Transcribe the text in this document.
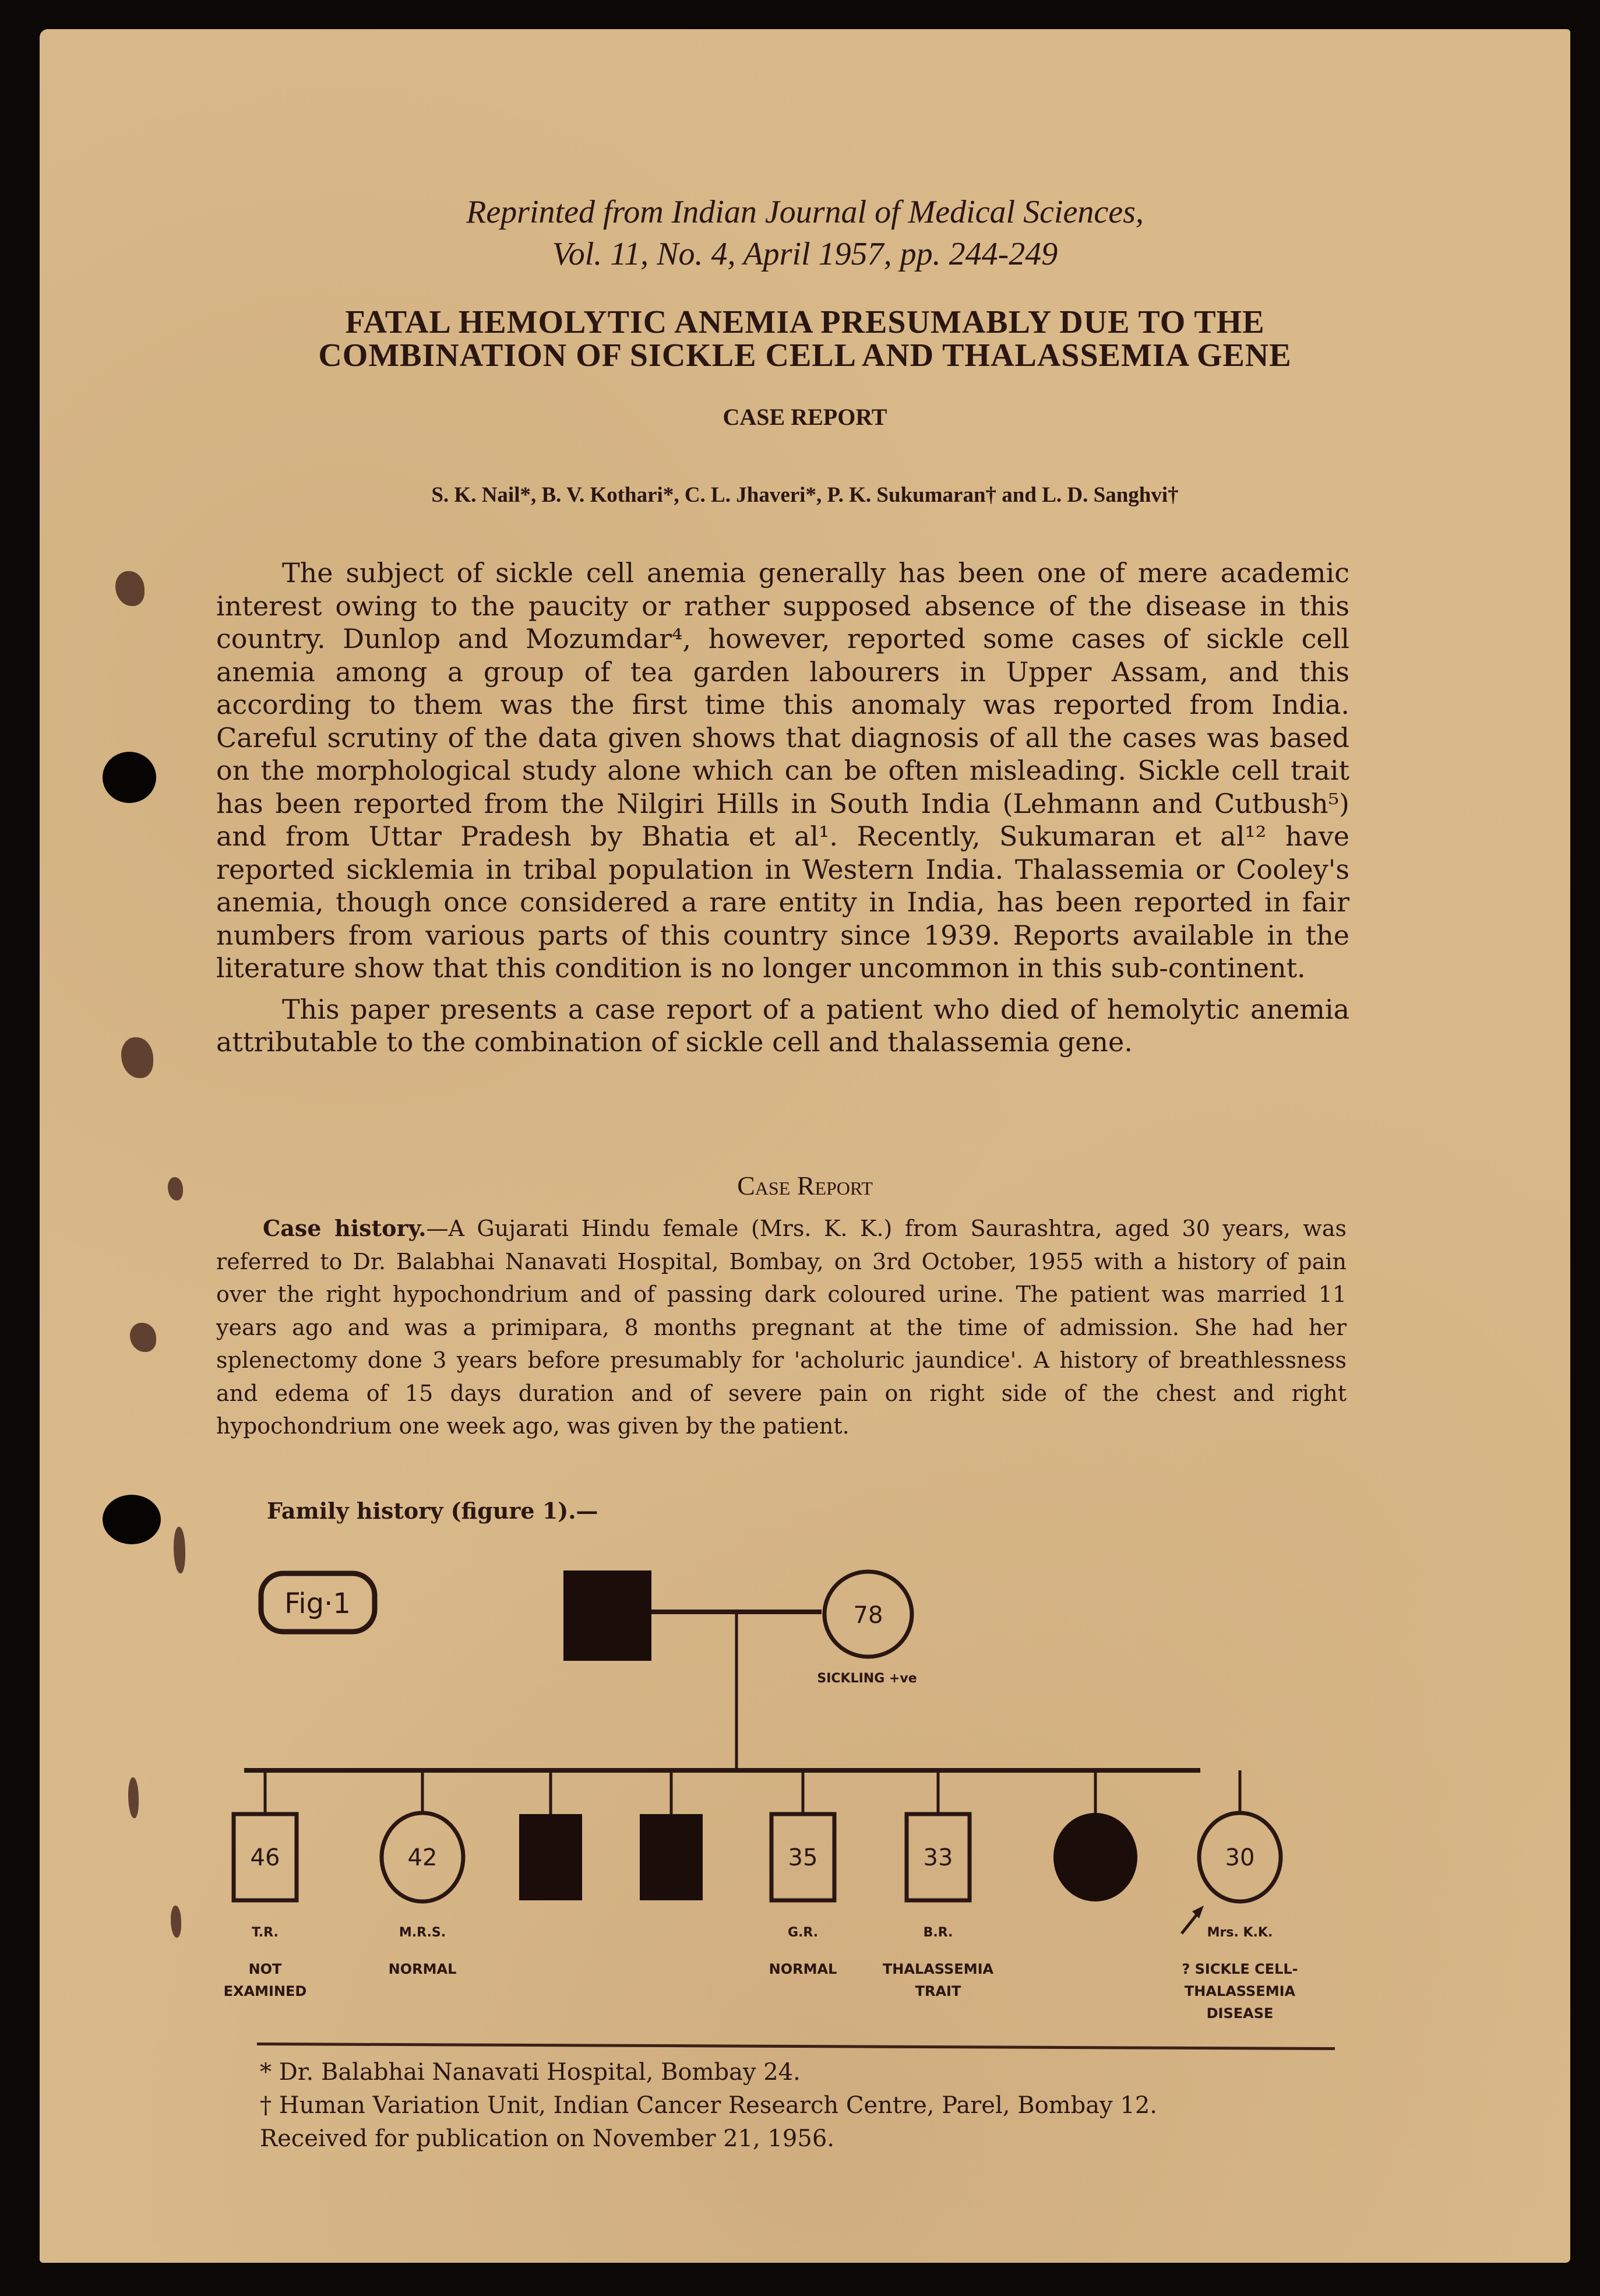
Reprinted from Indian Journal of Medical Sciences,
Vol. 11, No. 4, April 1957, pp. 244-249
FATAL HEMOLYTIC ANEMIA PRESUMABLY DUE TO THE
COMBINATION OF SICKLE CELL AND THALASSEMIA GENE
CASE REPORT
S. K. Nail*, B. V. Kothari*, C. L. Jhaveri*, P. K. Sukumaran† and L. D. Sanghvi†

The subject of sickle cell anemia generally has been one of mere academic interest owing to the paucity or rather supposed absence of the disease in this country. Dunlop and Mozumdar⁴, however, reported some cases of sickle cell anemia among a group of tea garden labourers in Upper Assam, and this according to them was the first time this anomaly was reported from India. Careful scrutiny of the data given shows that diagnosis of all the cases was based on the morphological study alone which can be often misleading. Sickle cell trait has been reported from the Nilgiri Hills in South India (Lehmann and Cutbush⁵) and from Uttar Pradesh by Bhatia et al¹. Recently, Sukumaran et al¹² have reported sicklemia in tribal population in Western India. Thalassemia or Cooley's anemia, though once considered a rare entity in India, has been reported in fair numbers from various parts of this country since 1939. Reports available in the literature show that this condition is no longer uncommon in this sub-continent.

This paper presents a case report of a patient who died of hemolytic anemia attributable to the combination of sickle cell and thalassemia gene.

Case Report
Case history.—A Gujarati Hindu female (Mrs. K. K.) from Saurashtra, aged 30 years, was referred to Dr. Balabhai Nanavati Hospital, Bombay, on 3rd October, 1955 with a history of pain over the right hypochondrium and of passing dark coloured urine. The patient was married 11 years ago and was a primipara, 8 months pregnant at the time of admission. She had her splenectomy done 3 years before presumably for 'acholuric jaundice'. A history of breathlessness and edema of 15 days duration and of severe pain on right side of the chest and right hypochondrium one week ago, was given by the patient.
Family history (figure 1).—
Fig·1	78
SICKLING +ve
46
T.R.
NOT
EXAMINED
42
M.R.S.
NORMAL
35
G.R.
NORMAL
33
B.R.
THALASSEMIA
TRAIT
30
Mrs. K.K.
? SICKLE CELL-
THALASSEMIA
DISEASE
* Dr. Balabhai Nanavati Hospital, Bombay 24.
† Human Variation Unit, Indian Cancer Research Centre, Parel, Bombay 12.
Received for publication on November 21, 1956.
